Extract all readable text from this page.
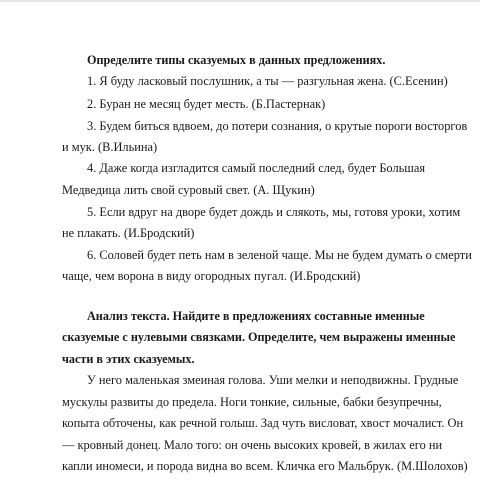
Определите типы сказуемых в данных предложениях.
1. Я буду ласковый послушник, а ты — разгульная жена. (С.Есенин)
2. Буран не месяц будет месть. (Б.Пастернак)
3. Будем биться вдвоем, до потери сознания, о крутые пороги восторгов
и мук. (В.Ильина)
4. Даже когда изгладится самый последний след, будет Большая
Медведица лить свой суровый свет. (А. Щукин)
5. Если вдруг на дворе будет дождь и слякоть, мы, готовя уроки, хотим
не плакать. (И.Бродский)
6. Соловей будет петь нам в зеленой чаще. Мы не будем думать о смерти
чаще, чем ворона в виду огородных пугал. (И.Бродский)
Анализ текста. Найдите в предложениях составные именные
сказуемые с нулевыми связками. Определите, чем выражены именные
части в этих сказуемых.
У него маленькая змеиная голова. Уши мелки и неподвижны. Грудные
мускулы развиты до предела. Ноги тонкие, сильные, бабки безупречны,
копыта обточены, как речной голыш. Зад чуть висловат, хвост мочалист. Он
— кровный донец. Мало того: он очень высоких кровей, в жилах его ни
капли иномеси, и порода видна во всем. Кличка его Мальбрук. (М.Шолохов)
